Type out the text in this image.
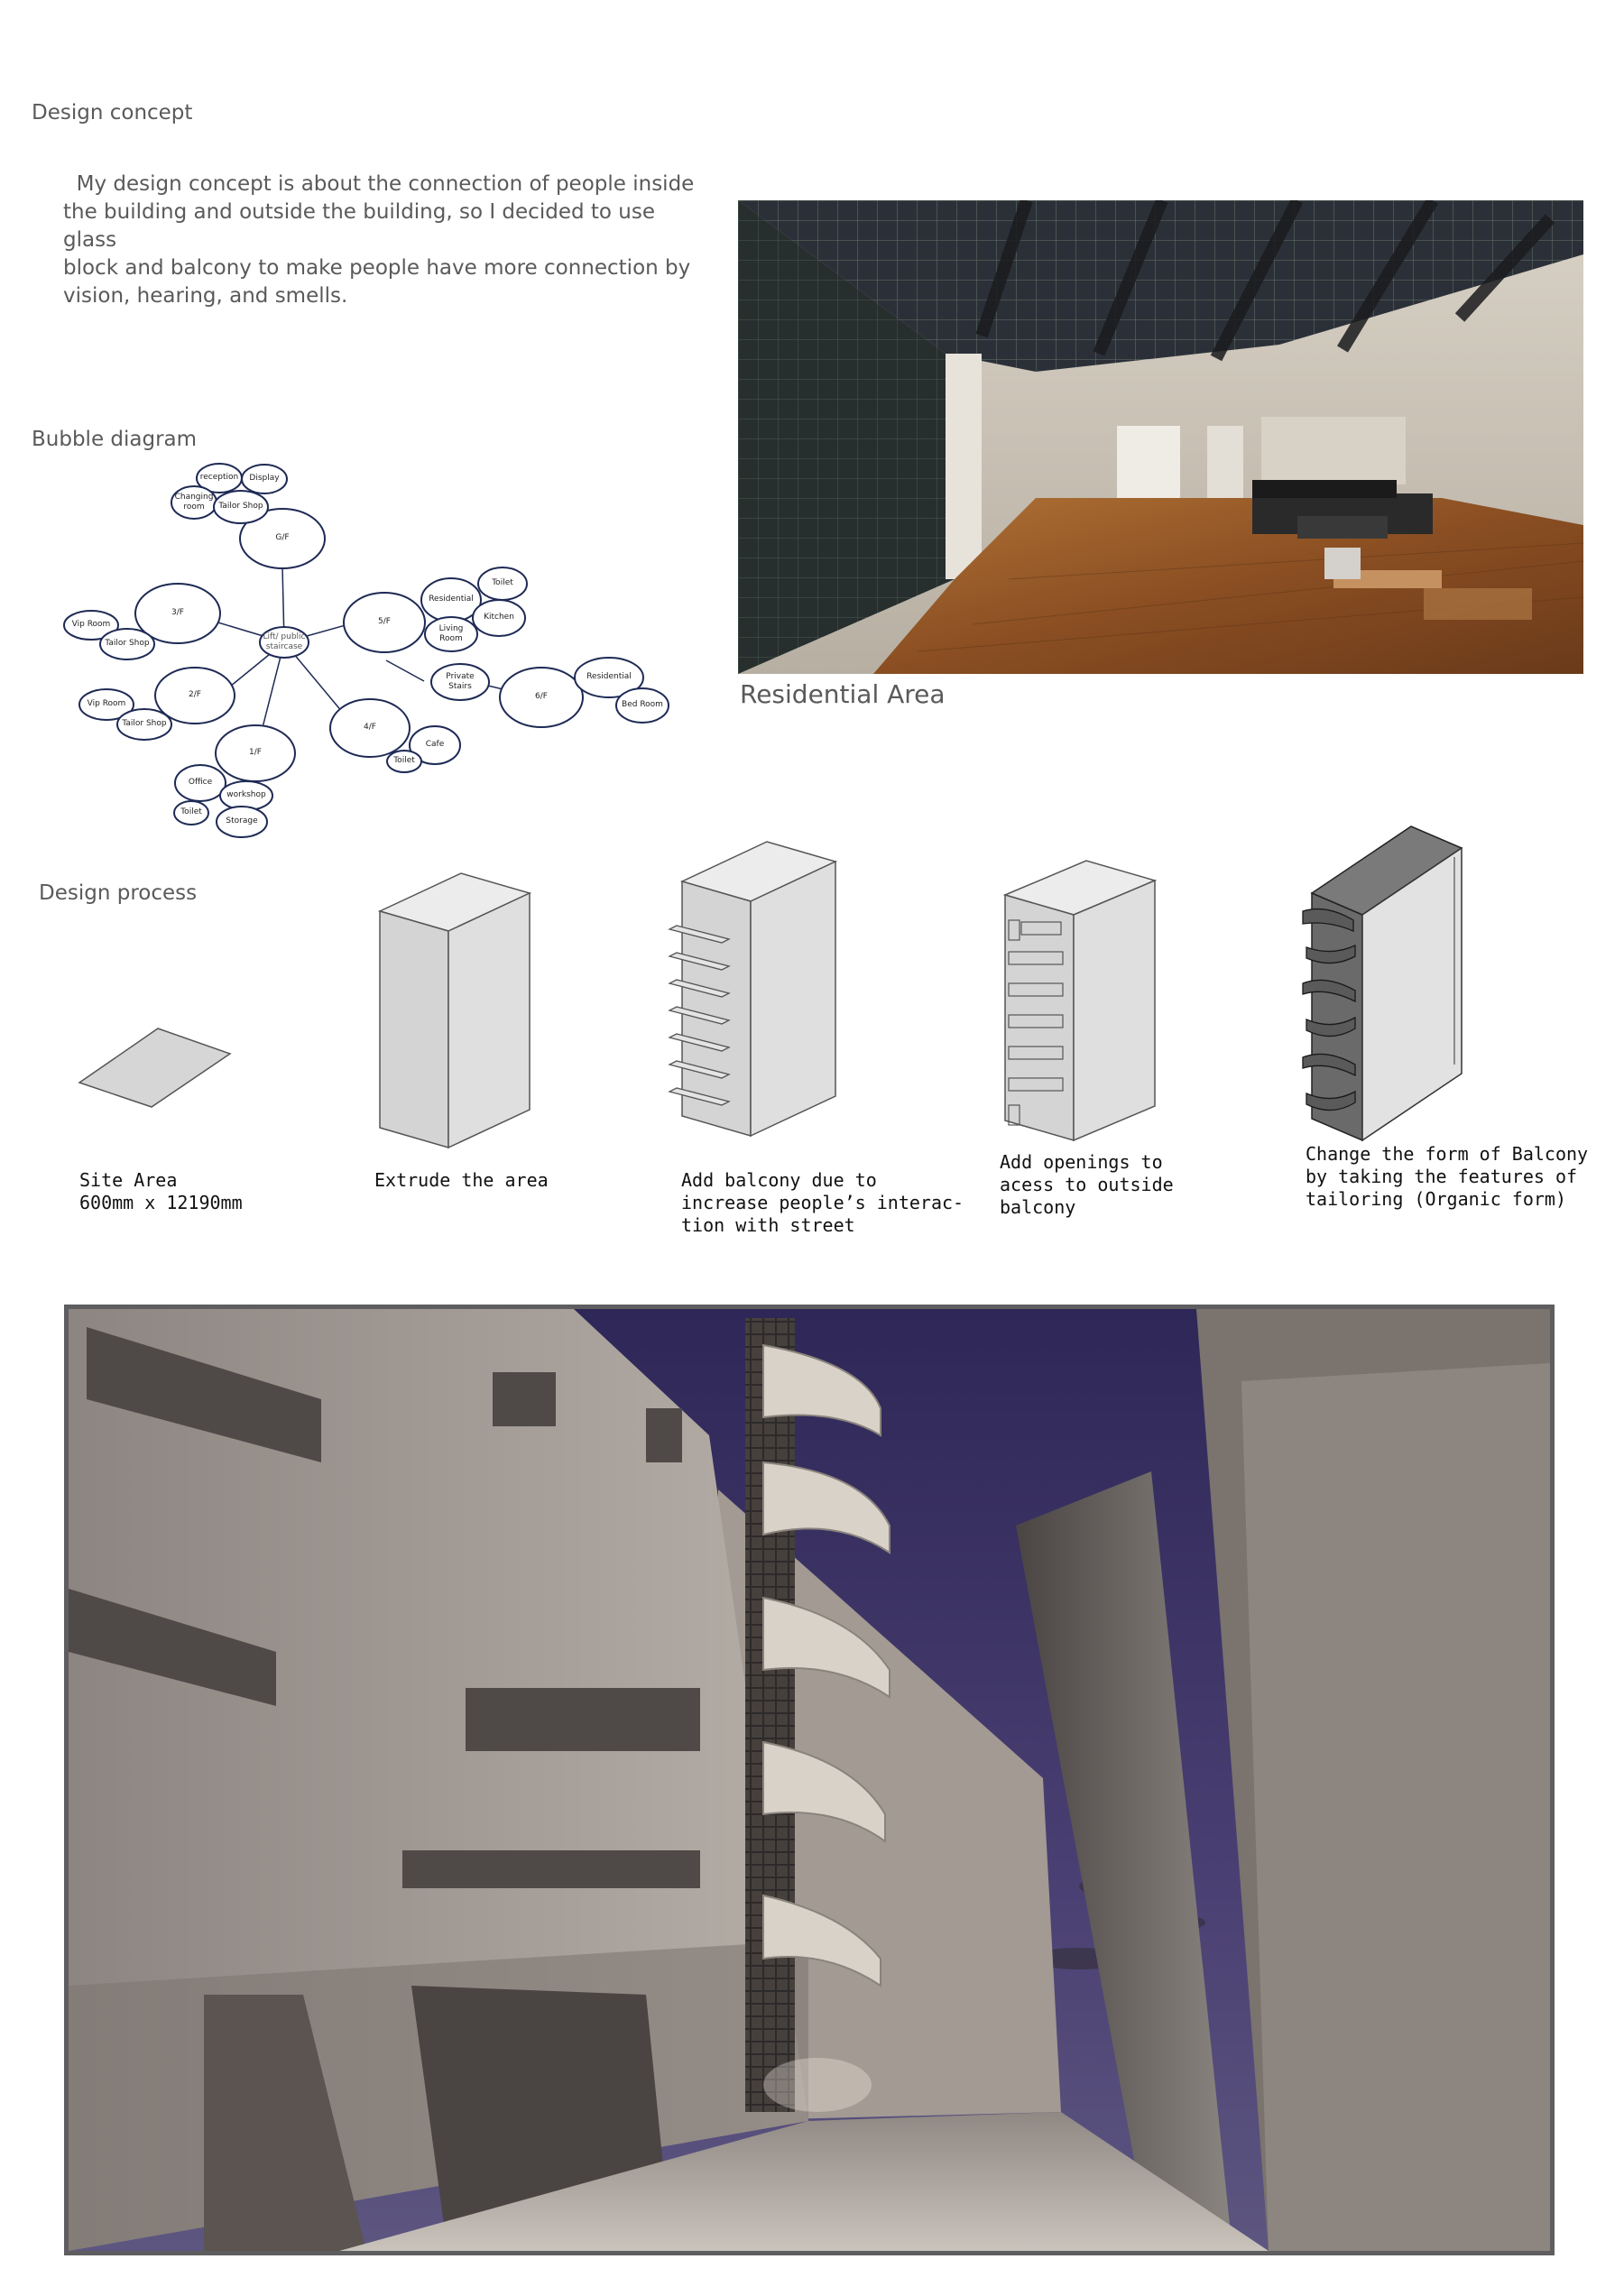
Design concept
My design concept is about the connection of people inside
the building and outside the building, so I decided to use glass
block and balcony to make people have more connection by
vision, hearing, and smells.
Residential Area
Bubble diagram
Lift/ public
staircase
G/F
reception	Display
Changing
room	Tailor Shop
3/F
Vip Room
Tailor Shop
2/F
Vip Room
Tailor Shop
1/F
Office
workshop
Toilet
Storage
4/F
Cafe
Toilet
5/F
Residential
Toilet
Kitchen
Living
Room
Private
Stairs
6/F
Residential
Bed Room
Design process
Site Area
600mm x 12190mm
Extrude the area	Add balcony due to
increase people’s interac-
tion with street
Add openings to
acess to outside
balcony
Change the form of Balcony
by taking the features of
tailoring (Organic form)
